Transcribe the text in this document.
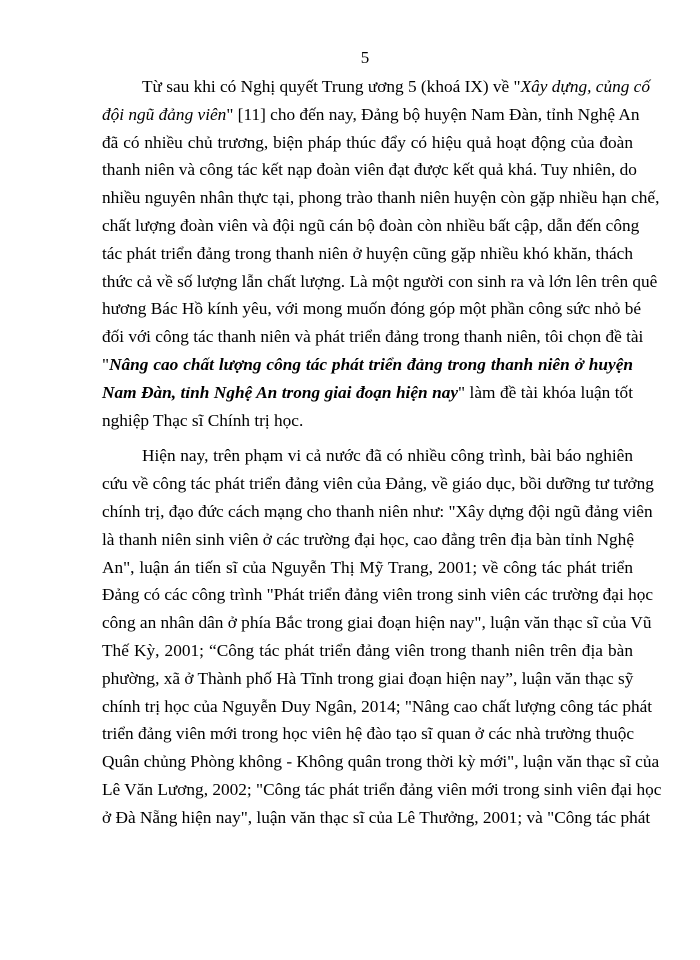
5
Từ sau khi có Nghị quyết Trung ương 5 (khoá IX) về "Xây dựng, củng cố
đội ngũ đảng viên" [11] cho đến nay, Đảng bộ huyện Nam Đàn, tỉnh Nghệ An
đã có nhiều chủ trương, biện pháp thúc đẩy có hiệu quả hoạt động của đoàn
thanh niên và công tác kết nạp đoàn viên đạt được kết quả khá. Tuy nhiên, do
nhiều nguyên nhân thực tại, phong trào thanh niên huyện còn gặp nhiều hạn chế,
chất lượng đoàn viên và đội ngũ cán bộ đoàn còn nhiều bất cập, dẫn đến công
tác phát triển đảng trong thanh niên ở huyện cũng gặp nhiều khó khăn, thách
thức cả về số lượng lẫn chất lượng. Là một người con sinh ra và lớn lên trên quê
hương Bác Hồ kính yêu, với mong muốn đóng góp một phần công sức nhỏ bé
đối với công tác thanh niên và phát triển đảng trong thanh niên, tôi chọn đề tài
"Nâng cao chất lượng công tác phát triển đảng trong thanh niên ở huyện
Nam Đàn, tỉnh Nghệ An trong giai đoạn hiện nay" làm đề tài khóa luận tốt
nghiệp Thạc sĩ Chính trị học.
Hiện nay, trên phạm vi cả nước đã có nhiều công trình, bài báo nghiên
cứu về công tác phát triển đảng viên của Đảng, về giáo dục, bồi dưỡng tư tưởng
chính trị, đạo đức cách mạng cho thanh niên như: "Xây dựng đội ngũ đảng viên
là thanh niên sinh viên ở các trường đại học, cao đẳng trên địa bàn tỉnh Nghệ
An", luận án tiến sĩ của Nguyễn Thị Mỹ Trang, 2001; về công tác phát triển
Đảng có các công trình "Phát triển đảng viên trong sinh viên các trường đại học
công an nhân dân ở phía Bắc trong giai đoạn hiện nay", luận văn thạc sĩ của Vũ
Thế Kỳ, 2001; “Công tác phát triển đảng viên trong thanh niên trên địa bàn
phường, xã ở Thành phố Hà Tĩnh trong giai đoạn hiện nay”, luận văn thạc sỹ
chính trị học của Nguyễn Duy Ngân, 2014; "Nâng cao chất lượng công tác phát
triển đảng viên mới trong học viên hệ đào tạo sĩ quan ở các nhà trường thuộc
Quân chủng Phòng không - Không quân trong thời kỳ mới", luận văn thạc sĩ của
Lê Văn Lương, 2002; "Công tác phát triển đảng viên mới trong sinh viên đại học
ở Đà Nẵng hiện nay", luận văn thạc sĩ của Lê Thưởng, 2001; và "Công tác phát
